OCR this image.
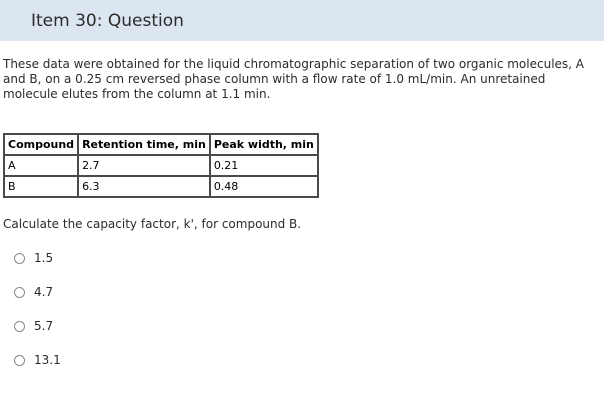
Item 30: Question
These data were obtained for the liquid chromatographic separation of two organic molecules, A and B, on a 0.25 cm reversed phase column with a flow rate of 1.0 mL/min. An unretained molecule elutes from the column at 1.1 min.
Compound	Retention time, min	Peak width, min
A	2.7	0.21
B	6.3	0.48
Calculate the capacity factor, k', for compound B.
1.5
4.7
5.7
13.1
